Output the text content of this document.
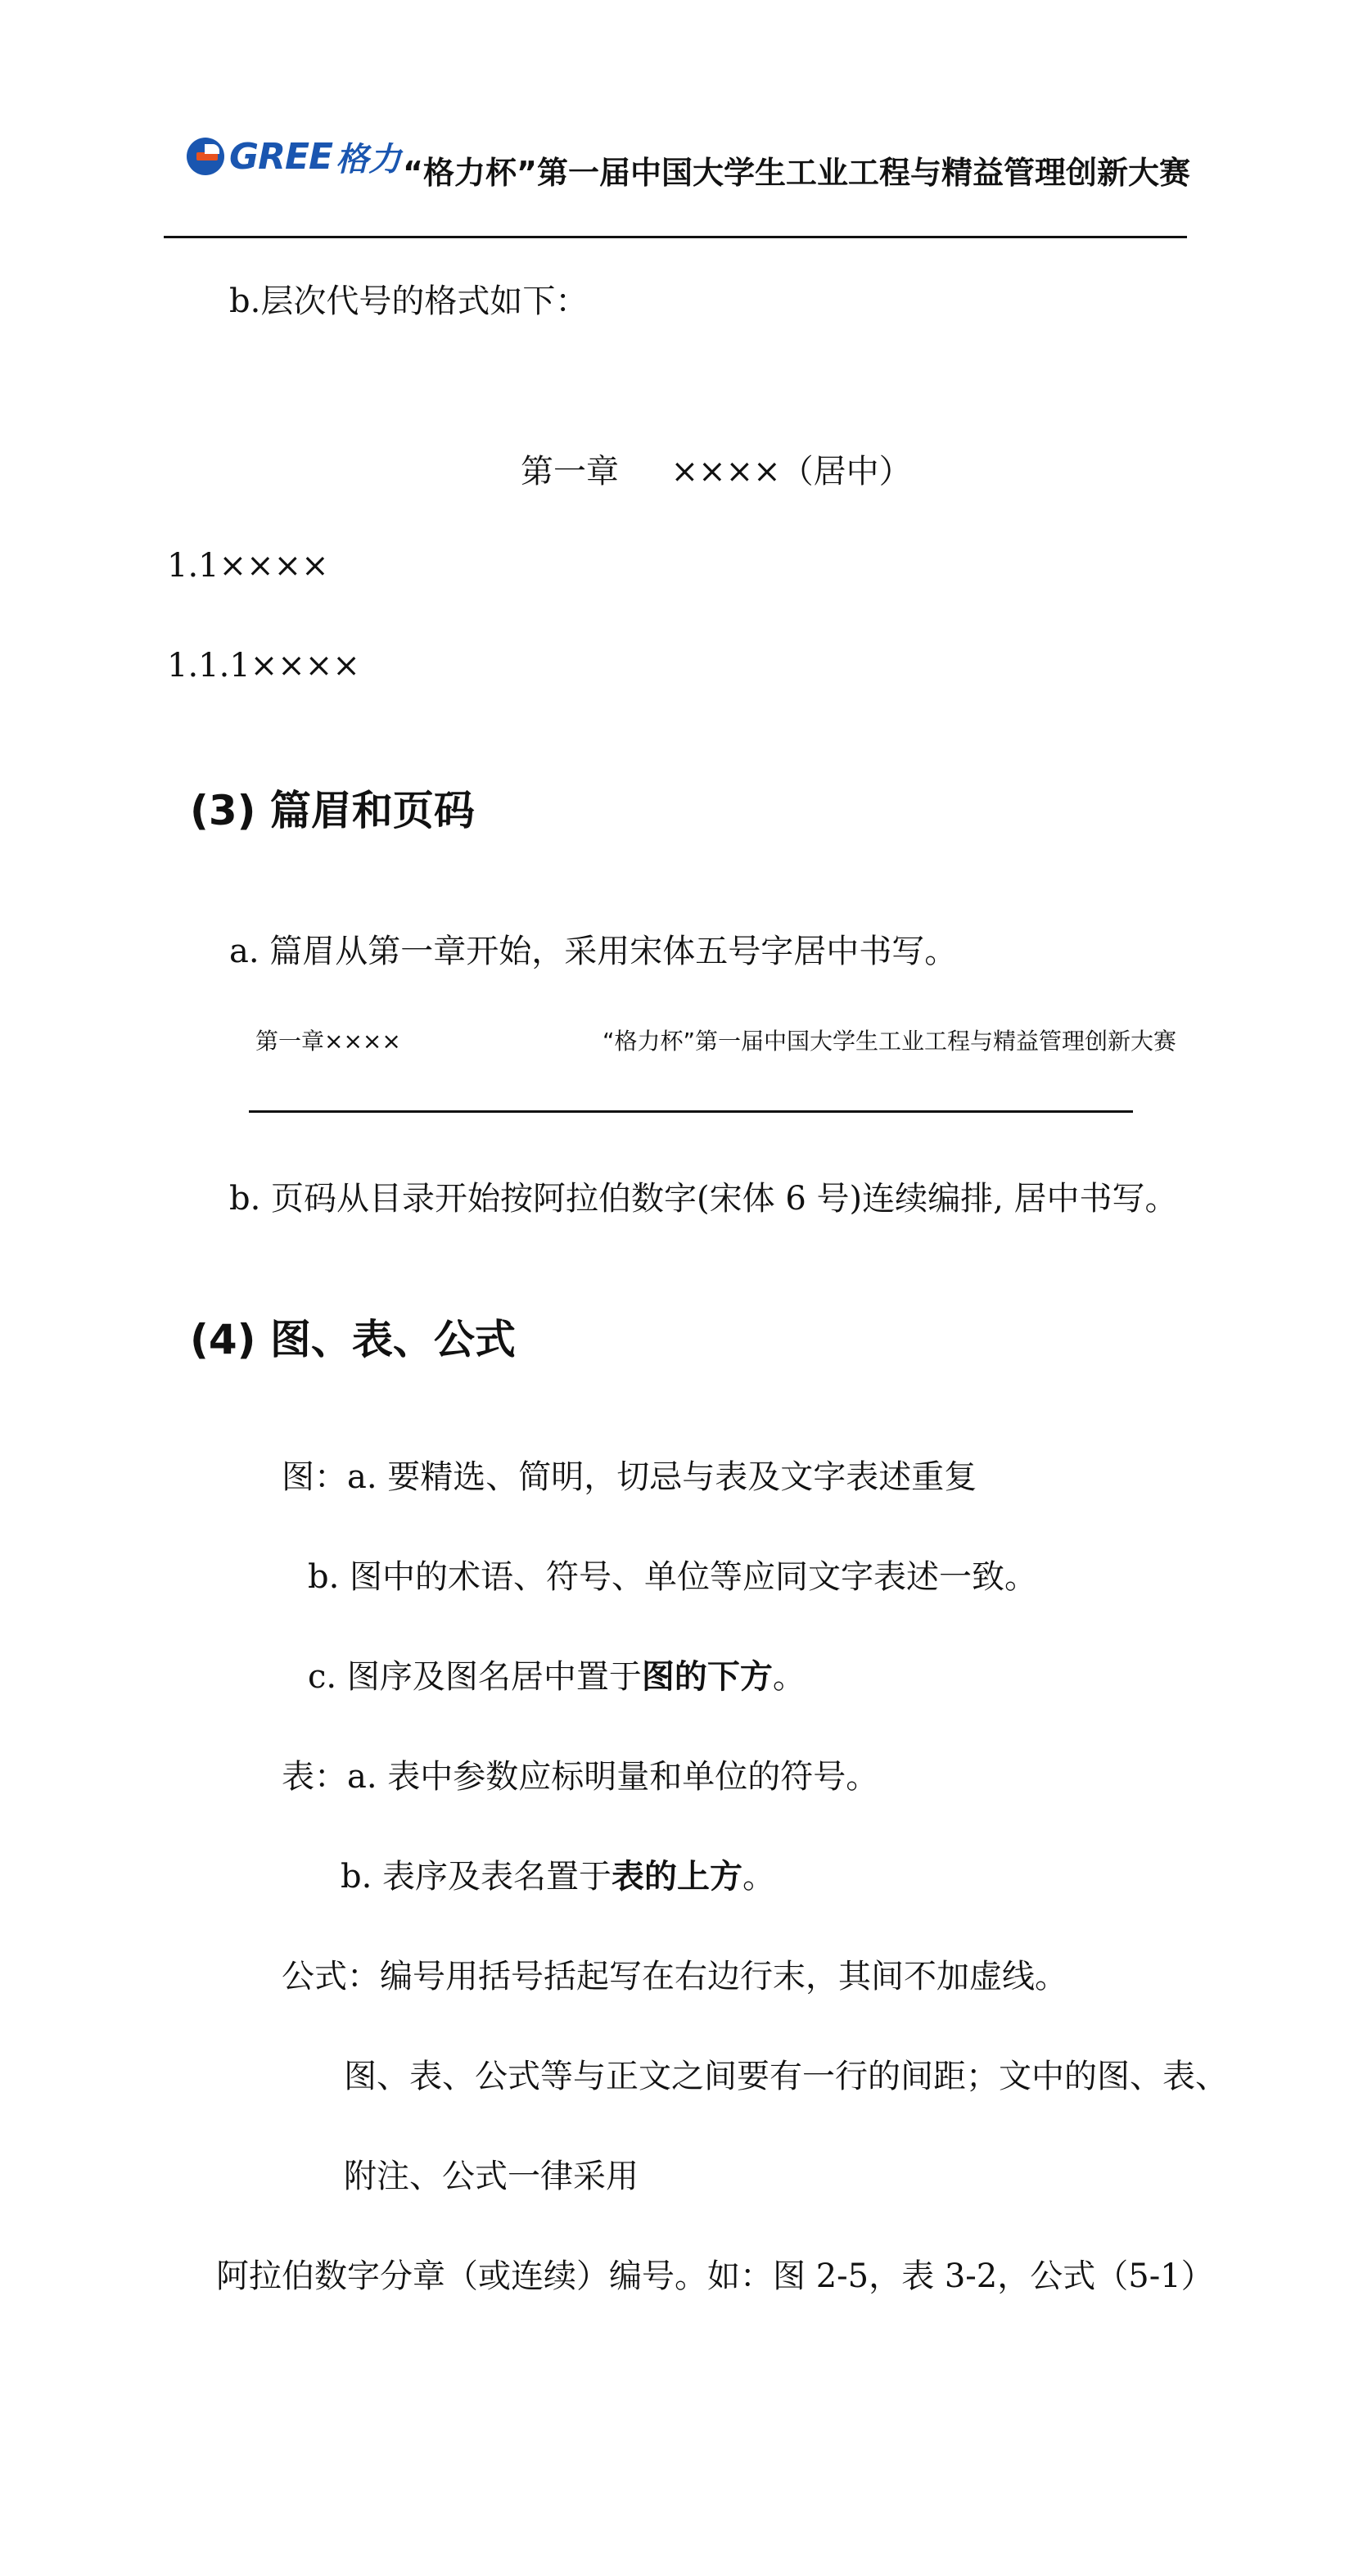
GREE 格力 “格力杯”第一届中国大学生工业工程与精益管理创新大赛
b.层次代号的格式如下：
第一章     ××××（居中）
1.1××××
1.1.1××××
(3) 篇眉和页码
a. 篇眉从第一章开始，采用宋体五号字居中书写。
第一章××××	“格力杯”第一届中国大学生工业工程与精益管理创新大赛
b. 页码从目录开始按阿拉伯数字(宋体 6 号)连续编排, 居中书写。
(4) 图、表、公式
图：a. 要精选、简明，切忌与表及文字表述重复
b. 图中的术语、符号、单位等应同文字表述一致。
c. 图序及图名居中置于图的下方。
表：a. 表中参数应标明量和单位的符号。
b. 表序及表名置于表的上方。
公式：编号用括号括起写在右边行末，其间不加虚线。
图、表、公式等与正文之间要有一行的间距；文中的图、表、
附注、公式一律采用
阿拉伯数字分章（或连续）编号。如：图 2-5，表 3-2，公式（5-1）
